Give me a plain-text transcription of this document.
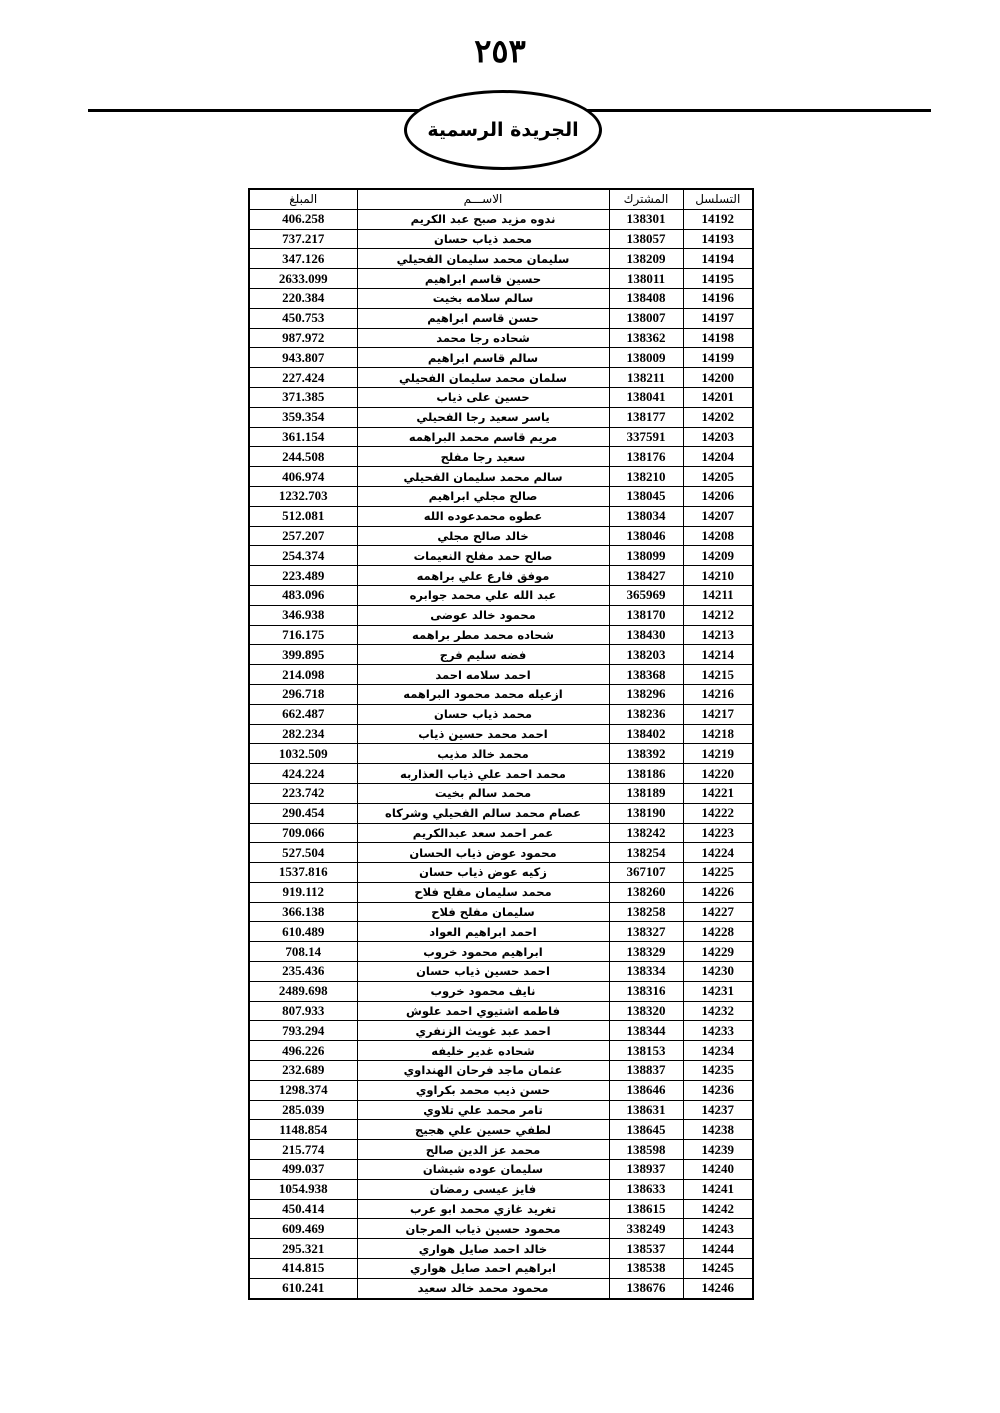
٢٥٣
الجريدة الرسمية
التسلسل	المشترك	الاســـم	المبلغ
14192	138301	ندوه مزيد صبح عبد الكريم	406.258
14193	138057	محمد ذياب حسان	737.217
14194	138209	سليمان محمد سليمان الفحيلي	347.126
14195	138011	حسين قاسم ابراهيم	2633.099
14196	138408	سالم سلامه بخيت	220.384
14197	138007	حسن قاسم ابراهيم	450.753
14198	138362	شحاده رجا محمد	987.972
14199	138009	سالم قاسم ابراهيم	943.807
14200	138211	سلمان محمد سليمان الفحيلي	227.424
14201	138041	حسين على ذياب	371.385
14202	138177	ياسر سعيد رجا الفحيلي	359.354
14203	337591	مريم قاسم محمد البراهمه	361.154
14204	138176	سعيد رجا مفلح	244.508
14205	138210	سالم محمد سليمان الفحيلي	406.974
14206	138045	صالح مجلي ابراهيم	1232.703
14207	138034	عطوه محمدعوده الله	512.081
14208	138046	خالد صالح مجلي	257.207
14209	138099	صالح حمد مفلح النعيمات	254.374
14210	138427	موفق فارع علي براهمه	223.489
14211	365969	عبد الله علي محمد جوابره	483.096
14212	138170	محمود خالد عوضى	346.938
14213	138430	شحاده محمد مطر براهمه	716.175
14214	138203	فضه سليم فرج	399.895
14215	138368	احمد سلامه احمد	214.098
14216	138296	ازعيله محمد محمود البراهمه	296.718
14217	138236	محمد ذياب حسان	662.487
14218	138402	احمد محمد حسين ذياب	282.234
14219	138392	محمد خالد مذيب	1032.509
14220	138186	محمد احمد علي ذياب العذاربه	424.224
14221	138189	محمد سالم بخيت	223.742
14222	138190	عصام محمد سالم الفحيلي وشركاه	290.454
14223	138242	عمر احمد سعد عبدالكريم	709.066
14224	138254	محمود عوض ذياب الحسان	527.504
14225	367107	زكيه عوض ذياب حسان	1537.816
14226	138260	محمد سليمان مفلح فلاح	919.112
14227	138258	سليمان مفلح فلاح	366.138
14228	138327	احمد ابراهيم العواد	610.489
14229	138329	ابراهيم محمود خروب	708.14
14230	138334	احمد حسين ذياب حسان	235.436
14231	138316	نايف محمود خروب	2489.698
14232	138320	فاطمه اشتيوي احمد علوش	807.933
14233	138344	احمد عبد غويث الزنفري	793.294
14234	138153	شحاده غدير خليفه	496.226
14235	138837	عثمان ماجد فرحان الهنداوي	232.689
14236	138646	حسن ذيب محمد بكراوي	1298.374
14237	138631	تامر محمد علي تلاوي	285.039
14238	138645	لطفي حسين علي هجيج	1148.854
14239	138598	محمد عز الدين صالح	215.774
14240	138937	سليمان عوده شيشان	499.037
14241	138633	فايز عيسى رمضان	1054.938
14242	138615	تغريد غازي محمد ابو عرب	450.414
14243	338249	محمود حسين ذياب المرجان	609.469
14244	138537	خالد احمد صايل هواري	295.321
14245	138538	ابراهيم احمد صايل هواري	414.815
14246	138676	محمود محمد خالد سعيد	610.241
